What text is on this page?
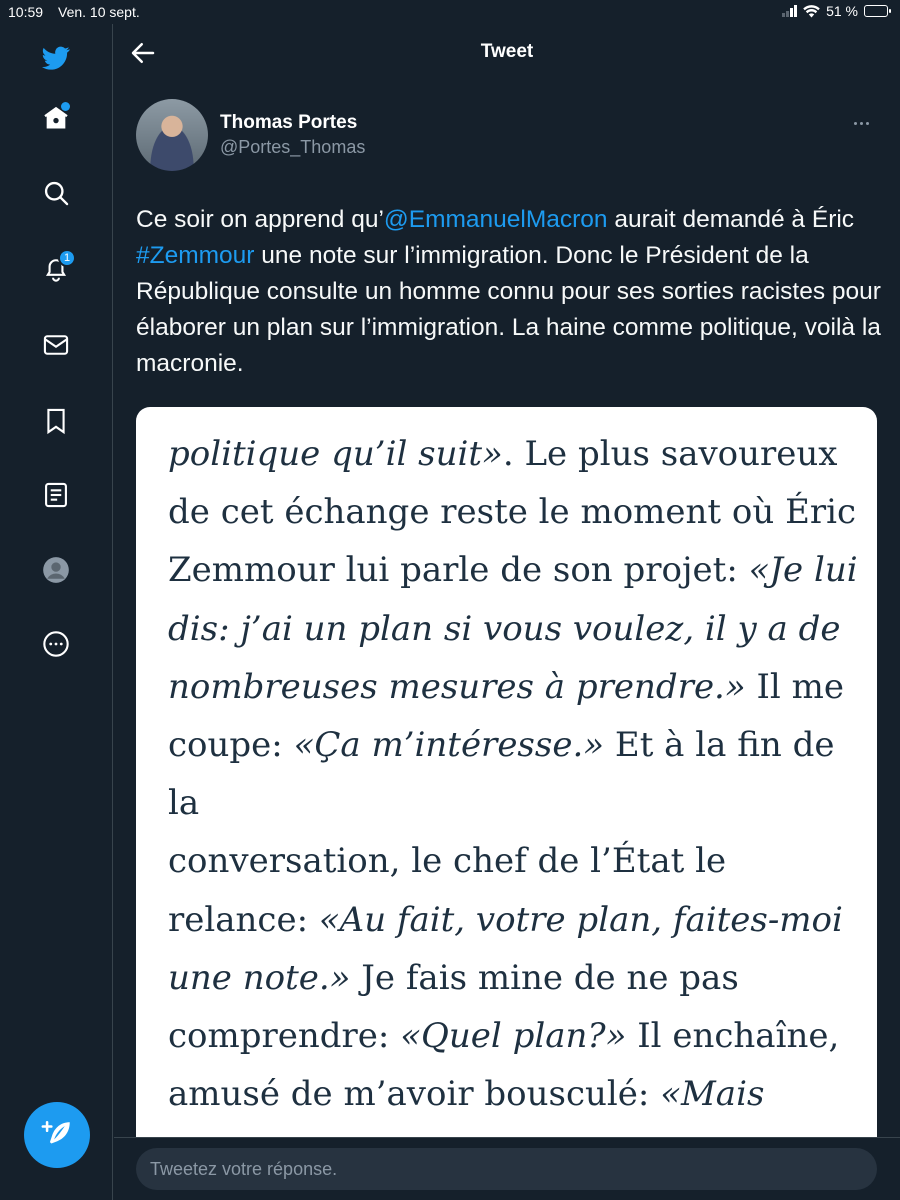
10:59 Ven. 10 sept.	51 %
1
Tweet
Thomas Portes
@Portes_Thomas
Ce soir on apprend qu’@EmmanuelMacron aurait demandé à Éric #Zemmour une note sur l’immigration. Donc le Président de la République consulte un homme connu pour ses sorties racistes pour élaborer un plan sur l’immigration. La haine comme politique, voilà la macronie.
politique qu’il suit». Le plus savoureux
de cet échange reste le moment où Éric
Zemmour lui parle de son projet: «Je lui
dis: j’ai un plan si vous voulez, il y a de
nombreuses mesures à prendre.» Il me
coupe: «Ça m’intéresse.» Et à la fin de la
conversation, le chef de l’État le
relance: «Au fait, votre plan, faites-moi
une note.» Je fais mine de ne pas
comprendre: «Quel plan?» Il enchaîne,
amusé de m’avoir bousculé: «Mais
Tweetez votre réponse.
